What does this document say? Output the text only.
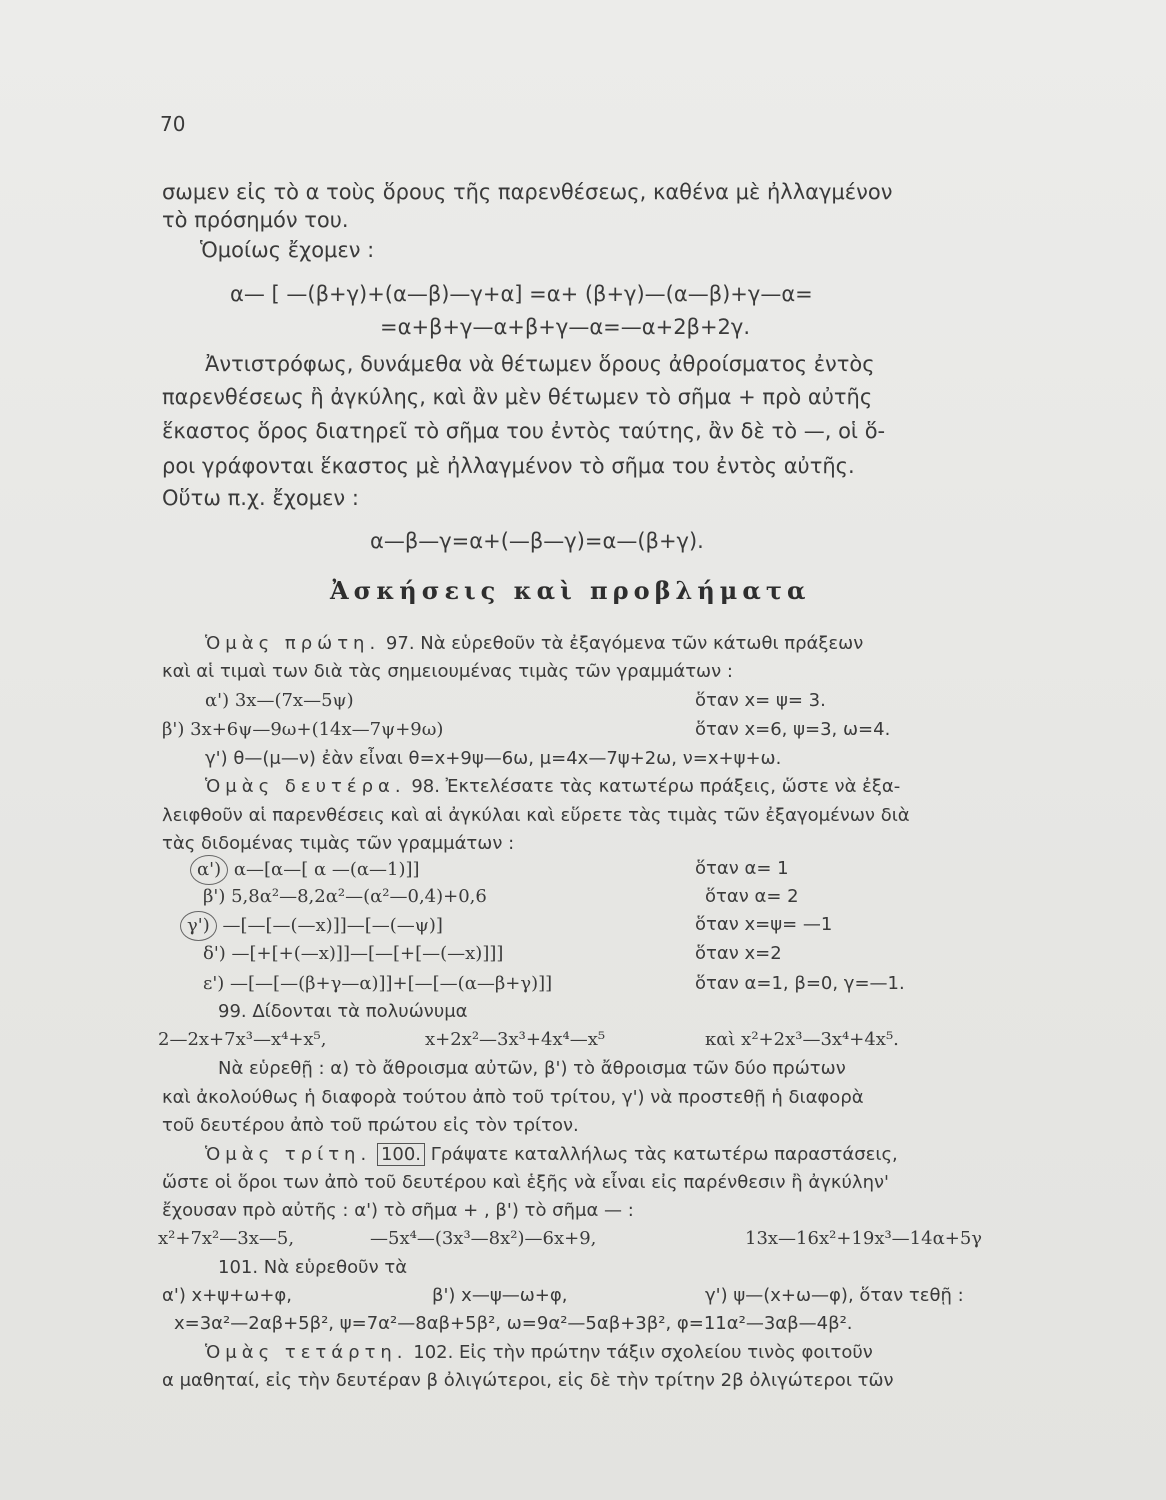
70
σωμεν εἰς τὸ α τοὺς ὅρους τῆς παρενθέσεως, καθένα μὲ ἠλλαγμένον
τὸ πρόσημόν του.
Ὁμοίως ἔχομεν :
α— [ —(β+γ)+(α—β)—γ+α] =α+ (β+γ)—(α—β)+γ—α=
=α+β+γ—α+β+γ—α=—α+2β+2γ.
Ἀντιστρόφως, δυνάμεθα νὰ θέτωμεν ὅρους ἀθροίσματος ἐντὸς
παρενθέσεως ἢ ἀγκύλης, καὶ ἂν μὲν θέτωμεν τὸ σῆμα + πρὸ αὐτῆς
ἕκαστος ὅρος διατηρεῖ τὸ σῆμα του ἐντὸς ταύτης, ἂν δὲ τὸ —, οἱ ὅ-
ροι γράφονται ἕκαστος μὲ ἠλλαγμένον τὸ σῆμα του ἐντὸς αὐτῆς.
Οὕτω π.χ. ἔχομεν :
α—β—γ=α+(—β—γ)=α—(β+γ).
Ἀσκήσεις καὶ προβλήματα
Ὁμὰς πρώτη. 97. Νὰ εὑρεθοῦν τὰ ἐξαγόμενα τῶν κάτωθι πράξεων
καὶ αἱ τιμαὶ των διὰ τὰς σημειουμένας τιμὰς τῶν γραμμάτων :
α') 3x—(7x—5ψ)	ὅταν x= ψ= 3.
β') 3x+6ψ—9ω+(14x—7ψ+9ω)	ὅταν x=6, ψ=3, ω=4.
γ') θ—(μ—ν) ἐὰν εἶναι θ=x+9ψ—6ω, μ=4x—7ψ+2ω, ν=x+ψ+ω.
Ὁμὰς δευτέρα. 98. Ἐκτελέσατε τὰς κατωτέρω πράξεις, ὥστε νὰ ἐξα-
λειφθοῦν αἱ παρενθέσεις καὶ αἱ ἀγκύλαι καὶ εὕρετε τὰς τιμὰς τῶν ἐξαγομένων διὰ
τὰς διδομένας τιμὰς τῶν γραμμάτων :
α') α—[α—[ α —(α—1)]]	ὅταν α= 1
β') 5,8α²—8,2α²—(α²—0,4)+0,6	ὅταν α= 2
γ') —[—[—(—x)]]—[—(—ψ)]	ὅταν x=ψ= —1
δ') —[+[+(—x)]]—[—[+[—(—x)]]]	ὅταν x=2
ε') —[—[—(β+γ—α)]]+[—[—(α—β+γ)]]	ὅταν α=1, β=0, γ=—1.
99. Δίδονται τὰ πολυώνυμα
2—2x+7x³—x⁴+x⁵,	x+2x²—3x³+4x⁴—x⁵	καὶ x²+2x³—3x⁴+4x⁵.
Νὰ εὑρεθῇ : α) τὸ ἄθροισμα αὐτῶν, β') τὸ ἄθροισμα τῶν δύο πρώτων
καὶ ἀκολούθως ἡ διαφορὰ τούτου ἀπὸ τοῦ τρίτου, γ') νὰ προστεθῇ ἡ διαφορὰ
τοῦ δευτέρου ἀπὸ τοῦ πρώτου εἰς τὸν τρίτον.
Ὁμὰς τρίτη. 100. Γράψατε καταλλήλως τὰς κατωτέρω παραστάσεις,
ὥστε οἱ ὅροι των ἀπὸ τοῦ δευτέρου καὶ ἑξῆς νὰ εἶναι εἰς παρένθεσιν ἢ ἀγκύλην'
ἔχουσαν πρὸ αὐτῆς : α') τὸ σῆμα + , β') τὸ σῆμα — :
x²+7x²—3x—5,	—5x⁴—(3x³—8x²)—6x+9,	13x—16x²+19x³—14α+5γ
101. Νὰ εὑρεθοῦν τὰ
α') x+ψ+ω+φ,	β') x—ψ—ω+φ,	γ') ψ—(x+ω—φ), ὅταν τεθῇ :
x=3α²—2αβ+5β², ψ=7α²—8αβ+5β², ω=9α²—5αβ+3β², φ=11α²—3αβ—4β².
Ὁμὰς τετάρτη. 102. Εἰς τὴν πρώτην τάξιν σχολείου τινὸς φοιτοῦν
α μαθηταί, εἰς τὴν δευτέραν β ὀλιγώτεροι, εἰς δὲ τὴν τρίτην 2β ὀλιγώτεροι τῶν
